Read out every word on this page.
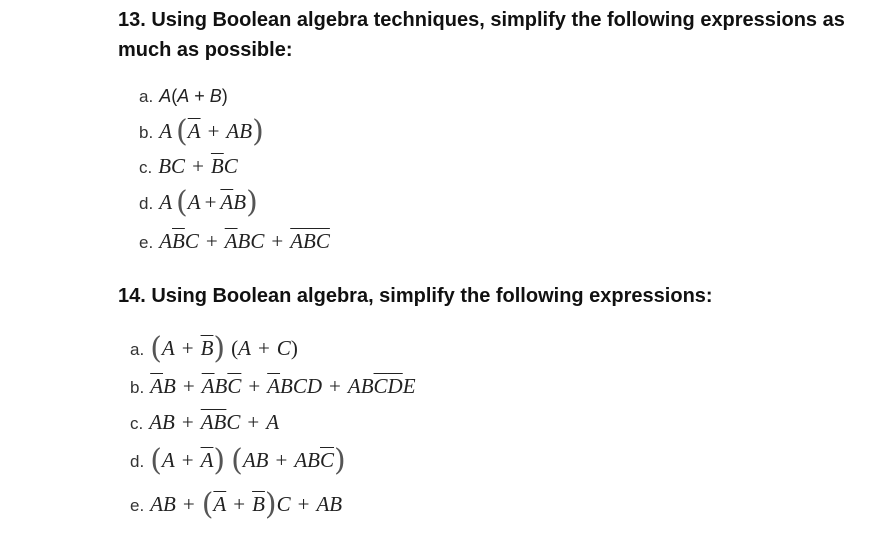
13. Using Boolean algebra techniques, simplify the following expressions as much as possible:
a. A ( A + B )
b. A ( $\overline{A}$ + AB )
c. BC + $\overline{B}C$
d. A ( $A + \overline{A}B$ )
e. $A\overline{B}C + \overline{A}BC + \overline{ABC}$
14. Using Boolean algebra, simplify the following expressions:
a. ( $A + \overline{B}$ ) ( A + C )
b. $\overline{A}B + \overline{A}B\overline{C} + \overline{A}BCD + AB\overline{C}\overline{D}E$
c. AB + $\overline{AB}C + A$
d. ( $A + \overline{A}$ ) ( AB + $AB\overline{C}$ )
e. AB + ( $\overline{A} + \overline{B}$ ) C + AB
